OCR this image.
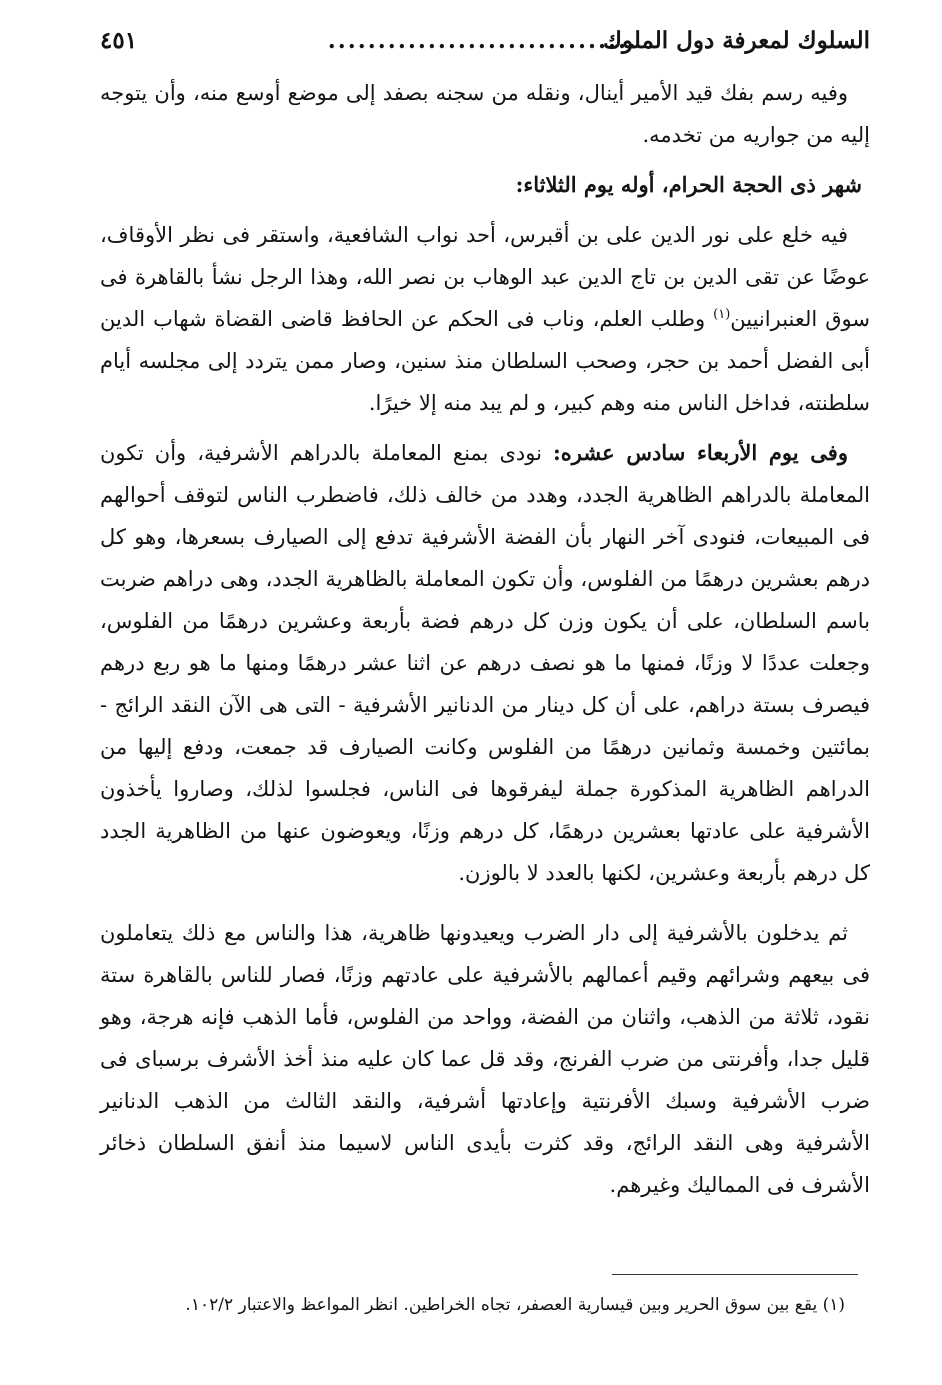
السلوك لمعرفة دول الملوك
...............................
٤٥١

وفيه رسم بفك قيد الأمير أينال، ونقله من سجنه بصفد إلى موضع أوسع منه، وأن يتوجه إليه من جواريه من تخدمه.

شهر ذى الحجة الحرام، أوله يوم الثلاثاء:

فيه خلع على نور الدين على بن أقبرس، أحد نواب الشافعية، واستقر فى نظر الأوقاف، عوضًا عن تقى الدين بن تاج الدين عبد الوهاب بن نصر الله، وهذا الرجل نشأ بالقاهرة فى سوق العنبرانيين$^{(١)}$ وطلب العلم، وناب فى الحكم عن الحافظ قاضى القضاة شهاب الدين أبى الفضل أحمد بن حجر، وصحب السلطان منذ سنين، وصار ممن يتردد إلى مجلسه أيام سلطنته، فداخل الناس منه وهم كبير، و لم يبد منه إلا خيرًا.

وفى يوم الأربعاء سادس عشره: نودى بمنع المعاملة بالدراهم الأشرفية، وأن تكون المعاملة بالدراهم الظاهرية الجدد، وهدد من خالف ذلك، فاضطرب الناس لتوقف أحوالهم فى المبيعات، فنودى آخر النهار بأن الفضة الأشرفية تدفع إلى الصيارف بسعرها، وهو كل درهم بعشرين درهمًا من الفلوس، وأن تكون المعاملة بالظاهرية الجدد، وهى دراهم ضربت باسم السلطان، على أن يكون وزن كل درهم فضة بأربعة وعشرين درهمًا من الفلوس، وجعلت عددًا لا وزنًا، فمنها ما هو نصف درهم عن اثنا عشر درهمًا ومنها ما هو ربع درهم فيصرف بستة دراهم، على أن كل دينار من الدنانير الأشرفية - التى هى الآن النقد الرائج - بمائتين وخمسة وثمانين درهمًا من الفلوس وكانت الصيارف قد جمعت، ودفع إليها من الدراهم الظاهرية المذكورة جملة ليفرقوها فى الناس، فجلسوا لذلك، وصاروا يأخذون الأشرفية على عادتها بعشرين درهمًا، كل درهم وزنًا، ويعوضون عنها من الظاهرية الجدد كل درهم بأربعة وعشرين، لكنها بالعدد لا بالوزن.

ثم يدخلون بالأشرفية إلى دار الضرب ويعيدونها ظاهرية، هذا والناس مع ذلك يتعاملون فى بيعهم وشرائهم وقيم أعمالهم بالأشرفية على عادتهم وزنًا، فصار للناس بالقاهرة ستة نقود، ثلاثة من الذهب، واثنان من الفضة، وواحد من الفلوس، فأما الذهب فإنه هرجة، وهو قليل جدا، وأفرنتى من ضرب الفرنج، وقد قل عما كان عليه منذ أخذ الأشرف برسباى فى ضرب الأشرفية وسبك الأفرنتية وإعادتها أشرفية، والنقد الثالث من الذهب الدنانير الأشرفية وهى النقد الرائج، وقد كثرت بأيدى الناس لاسيما منذ أنفق السلطان ذخائر الأشرف فى المماليك وغيرهم.

(١) يقع بين سوق الحرير وبين قيسارية العصفر، تجاه الخراطين. انظر المواعظ والاعتبار ١٠٢/٢.
